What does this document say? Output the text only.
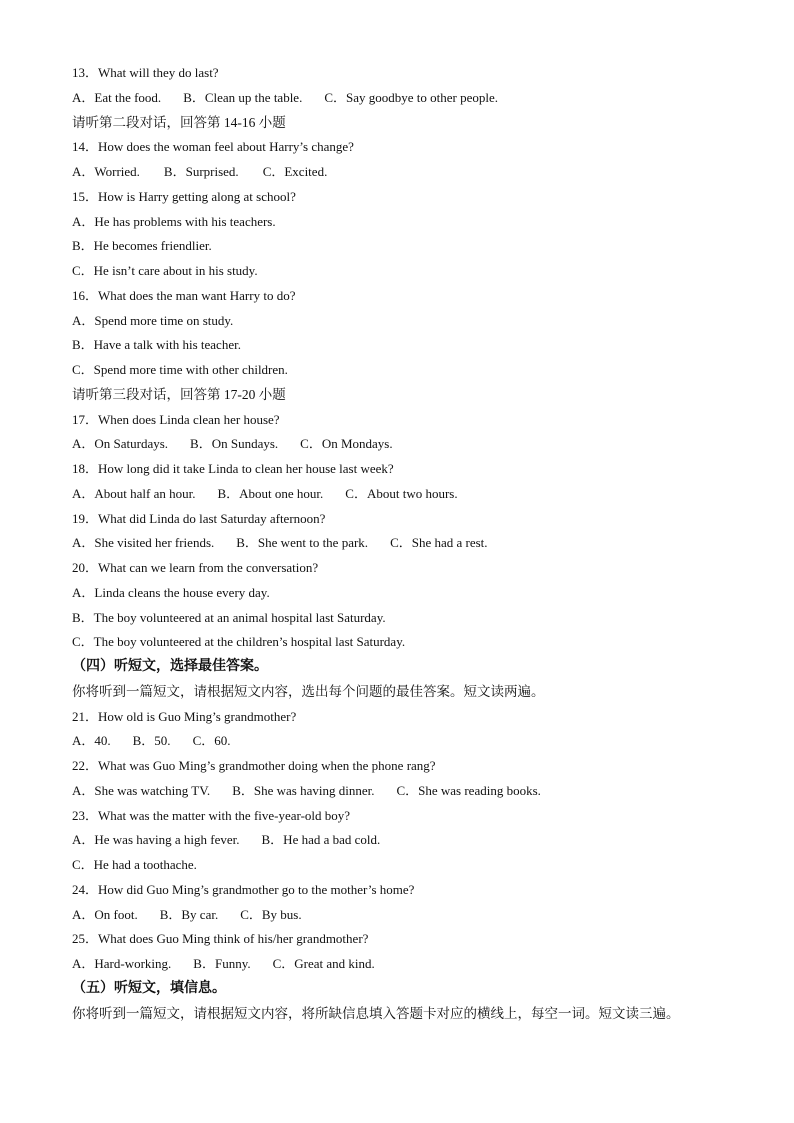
13．What will they do last?
A．Eat the food. B．Clean up the table. C．Say goodbye to other people.
请听第二段对话，回答第 14-16 小题
14．How does the woman feel about Harry’s change?
A．Worried. B．Surprised. C．Excited.
15．How is Harry getting along at school?
A．He has problems with his teachers.
B．He becomes friendlier.
C．He isn’t care about in his study.
16．What does the man want Harry to do?
A．Spend more time on study.
B．Have a talk with his teacher.
C．Spend more time with other children.
请听第三段对话，回答第 17-20 小题
17．When does Linda clean her house?
A．On Saturdays. B．On Sundays. C．On Mondays.
18．How long did it take Linda to clean her house last week?
A．About half an hour. B．About one hour. C．About two hours.
19．What did Linda do last Saturday afternoon?
A．She visited her friends. B．She went to the park. C．She had a rest.
20．What can we learn from the conversation?
A．Linda cleans the house every day.
B．The boy volunteered at an animal hospital last Saturday.
C．The boy volunteered at the children’s hospital last Saturday.
（四）听短文，选择最佳答案。
你将听到一篇短文，请根据短文内容，选出每个问题的最佳答案。短文读两遍。
21．How old is Guo Ming’s grandmother?
A．40. B．50. C．60.
22．What was Guo Ming’s grandmother doing when the phone rang?
A．She was watching TV. B．She was having dinner. C．She was reading books.
23．What was the matter with the five-year-old boy?
A．He was having a high fever. B．He had a bad cold.
C．He had a toothache.
24．How did Guo Ming’s grandmother go to the mother’s home?
A．On foot. B．By car. C．By bus.
25．What does Guo Ming think of his/her grandmother?
A．Hard-working. B．Funny. C．Great and kind.
（五）听短文，填信息。
你将听到一篇短文，请根据短文内容，将所缺信息填入答题卡对应的横线上，每空一词。短文读三遍。
